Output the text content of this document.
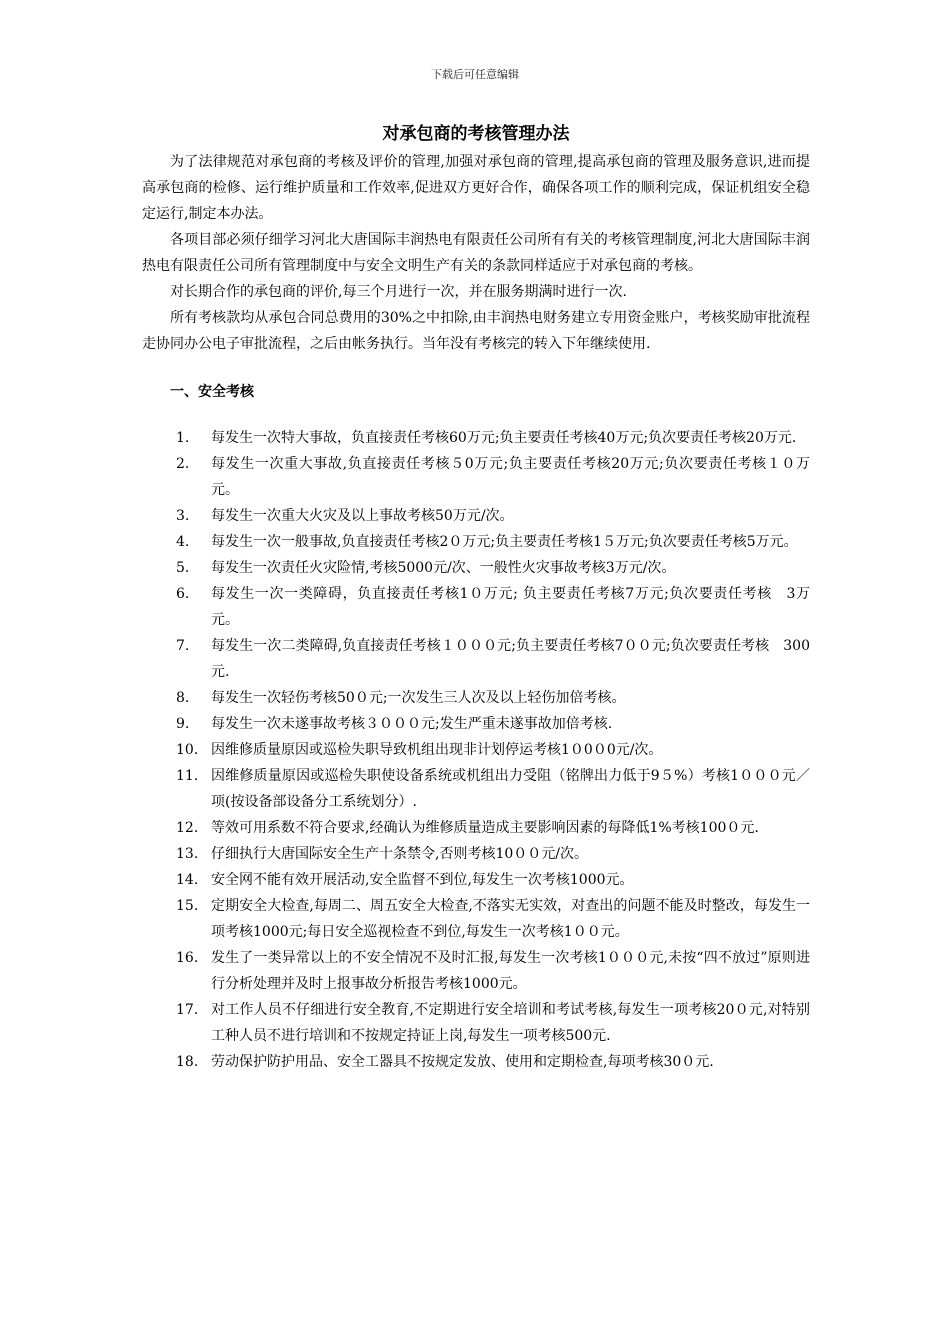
下载后可任意编辑
对承包商的考核管理办法

为了法律规范对承包商的考核及评价的管理,加强对承包商的管理,提高承包商的管理及服务意识,进而提高承包商的检修、运行维护质量和工作效率,促进双方更好合作，确保各项工作的顺利完成，保证机组安全稳定运行,制定本办法。

各项目部必须仔细学习河北大唐国际丰润热电有限责任公司所有有关的考核管理制度,河北大唐国际丰润热电有限责任公司所有管理制度中与安全文明生产有关的条款同样适应于对承包商的考核。

对长期合作的承包商的评价,每三个月进行一次，并在服务期满时进行一次.

所有考核款均从承包合同总费用的30%之中扣除,由丰润热电财务建立专用资金账户，考核奖励审批流程走协同办公电子审批流程，之后由帐务执行。当年没有考核完的转入下年继续使用.

一、安全考核
1. 每发生一次特大事故，负直接责任考核60万元;负主要责任考核40万元;负次要责任考核20万元.
2. 每发生一次重大事故,负直接责任考核５0万元;负主要责任考核20万元;负次要责任考核１０万元。
3. 每发生一次重大火灾及以上事故考核50万元/次。
4. 每发生一次一般事故,负直接责任考核2０万元;负主要责任考核1５万元;负次要责任考核5万元。
5. 每发生一次责任火灾险情,考核5000元/次、一般性火灾事故考核3万元/次。
6. 每发生一次一类障碍，负直接责任考核1０万元; 负主要责任考核7万元;负次要责任考核　3万元。
7. 每发生一次二类障碍,负直接责任考核１０００元;负主要责任考核7００元;负次要责任考核　300元.
8. 每发生一次轻伤考核50０元;一次发生三人次及以上轻伤加倍考核。
9. 每发生一次未遂事故考核３０００元;发生严重未遂事故加倍考核.
10. 因维修质量原因或巡检失职导致机组出现非计划停运考核1０0０0元/次。
11. 因维修质量原因或巡检失职使设备系统或机组出力受阻（铭牌出力低于9５%）考核1０００元／项(按设备部设备分工系统划分）.
12. 等效可用系数不符合要求,经确认为维修质量造成主要影响因素的每降低1%考核100０元.
13. 仔细执行大唐国际安全生产十条禁令,否则考核10００元/次。
14. 安全网不能有效开展活动,安全监督不到位,每发生一次考核1000元。
15. 定期安全大检查,每周二、周五安全大检查,不落实无实效，对查出的问题不能及时整改，每发生一项考核1000元;每日安全巡视检查不到位,每发生一次考核1００元。
16. 发生了一类异常以上的不安全情况不及时汇报,每发生一次考核1０００元,未按“四不放过”原则进行分析处理并及时上报事故分析报告考核1000元。
17. 对工作人员不仔细进行安全教育,不定期进行安全培训和考试考核,每发生一项考核20０元,对特别工种人员不进行培训和不按规定持证上岗,每发生一项考核500元.
18. 劳动保护防护用品、安全工器具不按规定发放、使用和定期检查,每项考核30０元.
